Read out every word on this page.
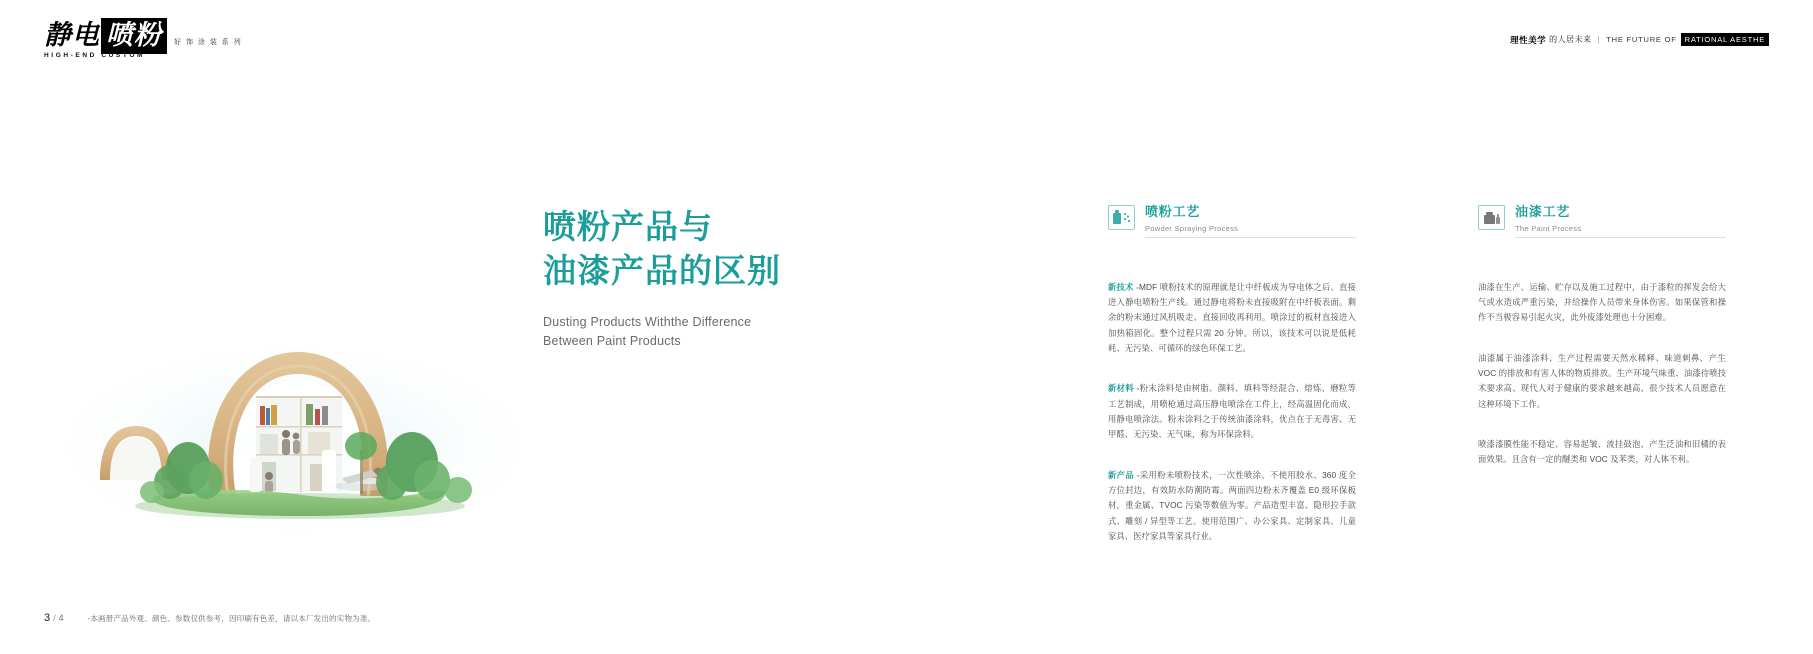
静电 喷粉
HIGH-END CUSTOM
好 饰 涂 装 系 列	理性美学 的人居未来 | THE FUTURE OF	RATIONAL AESTHE
喷粉产品与
油漆产品的区别
Dusting Products Withthe Difference
Between Paint Products
喷粉工艺
Powder Spraying Process
新技术 -MDF 喷粉技术的原理就是让中纤板成为导电体之后、直接进入静电喷粉生产线。通过静电将粉未直接吸附在中纤板表面。剩余的粉末通过风机吸走、直接回收再利用。喷涂过的板材直接进入加热箱固化。整个过程只需 20 分钟。所以，该技术可以说是低耗耗、无污染、可循环的绿色环保工艺。
新材料 -粉末涂料是由树脂、颜料、填料等经混合、熔炼、磨粒等工艺制成，用喷枪通过高压静电喷涂在工件上，经高温固化而成，用静电喷涂法。粉末涂料之于传统油漆涂料，优点在于无毒害、无甲醛、无污染、无气味，称为环保涂料。
新产品 -采用粉未喷粉技术，一次性喷涂、不使用胶水、360 度全方位封边，有效防水防潮防霉。两面四边粉未齐覆盖 E0 级环保板材，重金属、TVOC 污染等数值为零。产品造型丰富、隐形拉手款式、雕刻 / 异型等工艺。使用范围广、办公家具、定制家具、儿童家具、医疗家具等家具行业。
油漆工艺
The Paint Process
油漆在生产、运输、贮存以及施工过程中，由于漆粒的挥发会给大气或水造成严重污染，并给操作人员带来身体伤害。如果保管和操作不当极容易引起火灾，此外废漆处理也十分困难。
油漆属于油漆涂料、生产过程需要天然水稀释、味道刺鼻、产生 VOC 的排放和有害人体的物质排放。生产环境气味重、油漆待喷技术要求高、现代人对于健康的要求越来越高、很少技术人员愿意在这种环境下工作。
喷漆漆膜性能不稳定、容易起皱、流挂鼓泡、产生泛油和旧橘的表面效果。且含有一定的醚类和 VOC 及苯类，对人体不利。
3 / 4	-本画册产品外观、颜色、参数仅供参考，因印刷有色差，请以本厂发出的实物为准。
